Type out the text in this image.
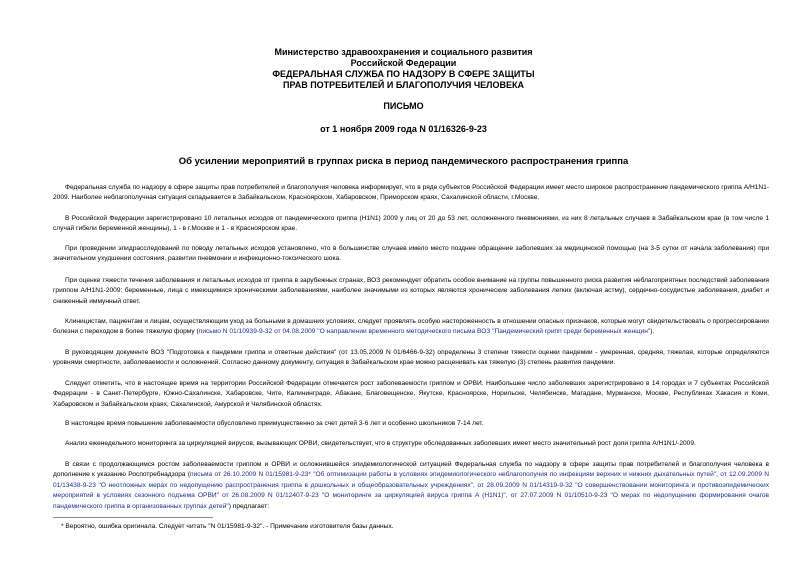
Министерство здравоохранения и социального развития
Российской Федерации
ФЕДЕРАЛЬНАЯ СЛУЖБА ПО НАДЗОРУ В СФЕРЕ ЗАЩИТЫ
ПРАВ ПОТРЕБИТЕЛЕЙ И БЛАГОПОЛУЧИЯ ЧЕЛОВЕКА
ПИСЬМО
от 1 ноября 2009 года N 01/16326-9-23
Об усилении мероприятий в группах риска в период пандемического распространения гриппа

Федеральная служба по надзору в сфере защиты прав потребителей и благополучия человека информирует, что в ряде субъектов Российской Федерации имеет место широкое распространение пандемического гриппа A/H1N1-2009. Наиболее неблагополучная ситуация складывается в Забайкальском, Красноярском, Хабаровском, Приморском краях, Сахалинской области, г.Москве.

В Российской Федерации зарегистрировано 10 летальных исходов от пандемического гриппа (H1N1) 2009 у лиц от 20 до 53 лет, осложненного пневмониями, из них 8 летальных случаев в Забайкальском крае (в том числе 1 случай гибели беременной женщины), 1 - в г.Москве и 1 - в Красноярском крае.

При проведении эпидрасследований по поводу летальных исходов установлено, что в большинстве случаев имело место позднее обращение заболевших за медицинской помощью (на 3-5 сутки от начала заболевания) при значительном ухудшении состояния, развитии пневмонии и инфекционно-токсического шока.

При оценке тяжести течения заболевания и летальных исходов от гриппа в зарубежных странах, ВОЗ рекомендует обратить особое внимание на группы повышенного риска развития неблагоприятных последствий заболевания гриппом A/H1N1-2009: беременные, лица с имеющимися хроническими заболеваниями, наиболее значимыми из которых являются хронические заболевания легких (включая астму), сердечно-сосудистые заболевания, диабет и сниженный иммунный ответ.

Клиницистам, пациентам и лицам, осуществляющим уход за больными в домашних условиях, следует проявлять особую настороженность в отношении опасных признаков, которые могут свидетельствовать о прогрессировании болезни с переходом в более тяжелую форму (письмо N 01/10939-9-32 от 04.08.2009 "О направлении временного методического письма ВОЗ "Пандемический грипп среди беременных женщин").

В руководящем документе ВОЗ "Подготовка к пандемии гриппа и ответные действия" (от 13.05.2009 N 01/6466-9-32) определены 3 степени тяжести оценки пандемии - умеренная, средняя, тяжелая, которые определяются уровнями смертности, заболеваемости и осложнений. Согласно данному документу, ситуация в Забайкальском крае можно расценивать как тяжелую (3) степень развития пандемии.

Следует отметить, что в настоящее время на территории Российской Федерации отмечается рост заболеваемости гриппом и ОРВИ. Наибольшее число заболевших зарегистрировано в 14 городах и 7 субъектах Российской Федерации - в Санкт-Петербурге, Южно-Сахалинске, Хабаровске, Чите, Калининграде, Абакане, Благовещенске, Якутске, Красноярске, Норильске, Челябинске, Магадане, Мурманске, Москве, Республиках Хакасия и Коми, Хабаровском и Забайкальском краях, Сахалинской, Амурской и Челябинской областях.

В настоящее время повышение заболеваемости обусловлено преимущественно за счет детей 3-6 лет и особенно школьников 7-14 лет.

Анализ еженедельного мониторинга за циркуляцией вирусов, вызывающих ОРВИ, свидетельствует, что в структуре обследованных заболевших имеет место значительный рост доли гриппа A/H1N1/-2009.

В связи с продолжающимся ростом заболеваемости гриппом и ОРВИ и осложнившейся эпидемиологической ситуацией Федеральная служба по надзору в сфере защиты прав потребителей и благополучия человека в дополнение к указанию Роспотребнадзора (письма от 26.10.2009 N 01/15981-9-23* "Об оптимизации работы в условиях эпидемиологического неблагополучия по инфекциям верхних и нижних дыхательных путей", от 12.09.2009 N 01/13438-9-23 "О неотложных мерах по недопущению распространения гриппа в дошкольных и общеобразовательных учреждениях", от 28.09.2009 N 01/14319-9-32 "О совершенствовании мониторинга и противоэпидемических мероприятий в условиях сезонного подъема ОРВИ" от 26.08.2009 N 01/12407-9-23 "О мониторинге за циркуляцией вируса гриппа A (H1N1)", от 27.07.2009 N 01/10510-9-23 "О мерах по недопущению формирования очагов пандемического гриппа в организованных группах детей") предлагает:

* Вероятно, ошибка оригинала. Следует читать "N 01/15981-9-32". - Примечание изготовителя базы данных.
